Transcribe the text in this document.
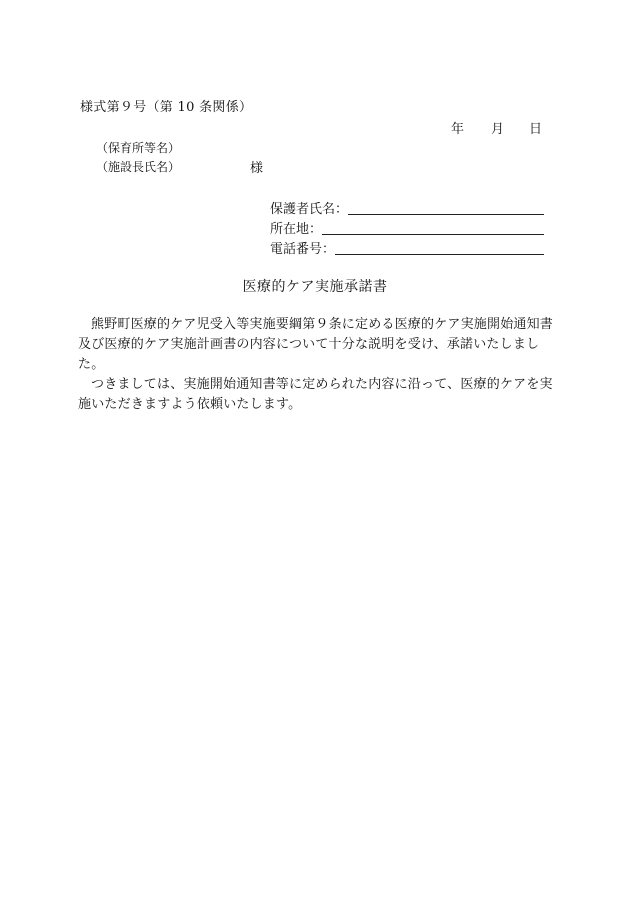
様式第９号（第 10 条関係）
年 月 日
（保育所等名）
（施設長氏名）	様
保護者氏名：
所在地：
電話番号：
医療的ケア実施承諾書

熊野町医療的ケア児受入等実施要綱第９条に定める医療的ケア実施開始通知書及び医療的ケア実施計画書の内容について十分な説明を受け、承諾いたしました。

つきましては、実施開始通知書等に定められた内容に沿って、医療的ケアを実施いただきますよう依頼いたします。
